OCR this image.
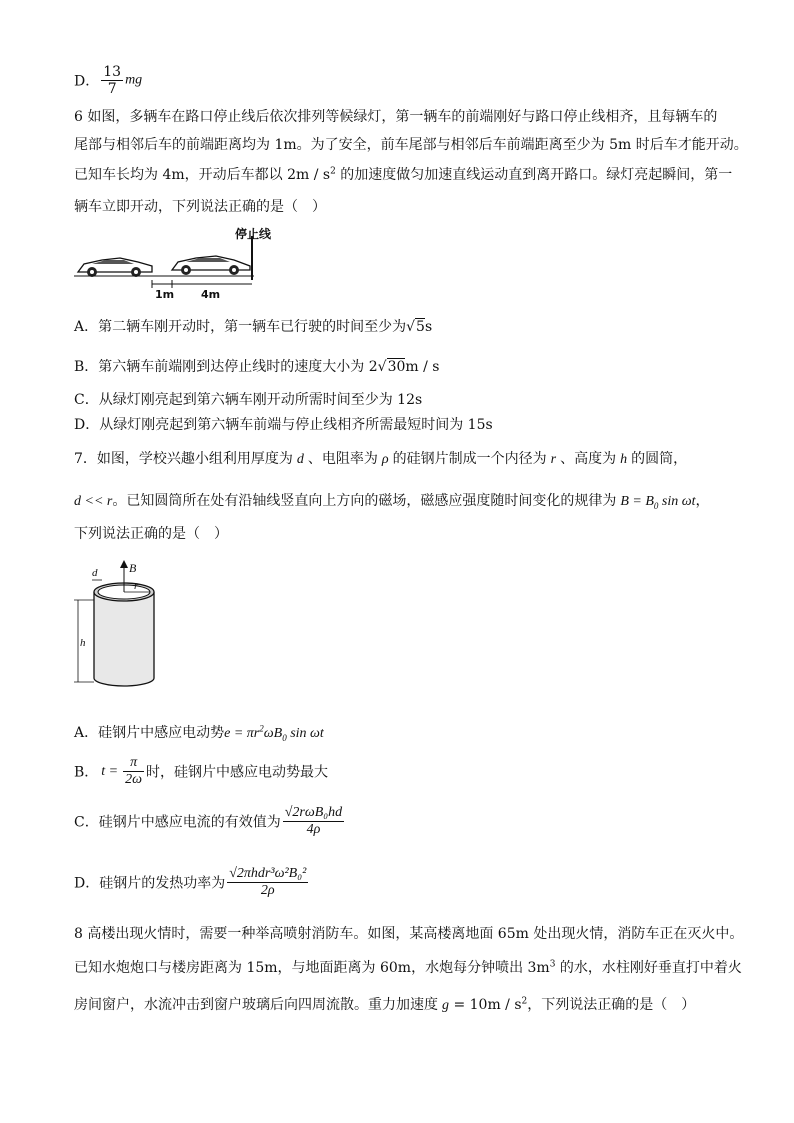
D． $\frac{13}{7}$ mg
6 如图，多辆车在路口停止线后依次排列等候绿灯，第一辆车的前端刚好与路口停止线相齐，且每辆车的
尾部与相邻后车的前端距离均为 1m。为了安全，前车尾部与相邻后车前端距离至少为 5m 时后车才能开动。
已知车长均为 4m，开动后车都以 $2m / s^2$ 的加速度做匀加速直线运动直到离开路口。绿灯亮起瞬间，第一
辆车立即开动，下列说法正确的是（　）
停止线
1m 4m
A．第二辆车刚开动时，第一辆车已行驶的时间至少为√5s
B．第六辆车前端刚到达停止线时的速度大小为 2√30m / s
C．从绿灯刚亮起到第六辆车刚开动所需时间至少为 12s
D．从绿灯刚亮起到第六辆车前端与停止线相齐所需最短时间为 15s
7．如图，学校兴趣小组利用厚度为 d 、电阻率为 ρ 的硅钢片制成一个内径为 r 、高度为 h 的圆筒，
d << r。已知圆筒所在处有沿轴线竖直向上方向的磁场，磁感应强度随时间变化的规律为 $B = B_0$ sin ωt，
下列说法正确的是（　）
B
r
d
h
A．硅钢片中感应电动势$e = \pi r^2\omega B_0$ sin ωt
B． $t = \frac{\pi}{2\omega}$ 时，硅钢片中感应电动势最大
C．硅钢片中感应电流的有效值为 $\frac{\text{√2rωB₀hd}}{4\rho}$
D．硅钢片的发热功率为 $\frac{\text{√2πhdr³ω²B₀²}}{2\rho}$
8 高楼出现火情时，需要一种举高喷射消防车。如图，某高楼离地面 65m 处出现火情，消防车正在灭火中。
已知水炮炮口与楼房距离为 15m，与地面距离为 60m，水炮每分钟喷出 $3m^3$ 的水，水柱刚好垂直打中着火
房间窗户，水流冲击到窗户玻璃后向四周流散。重力加速度 $g = 10m / s^2$，下列说法正确的是（　）
